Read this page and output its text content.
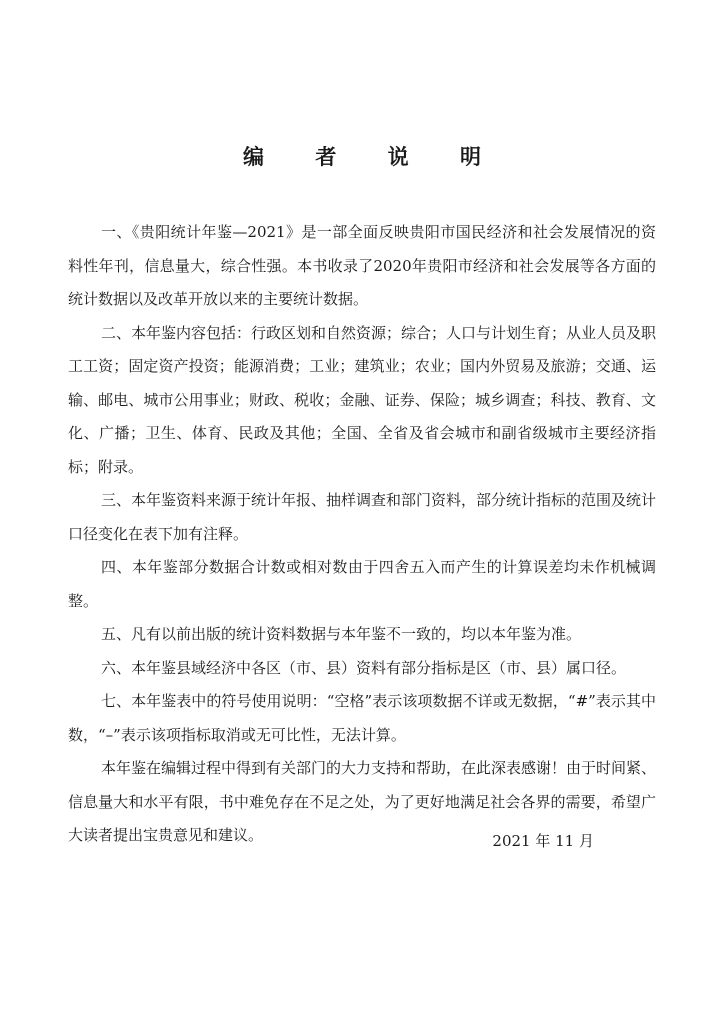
编 者 说 明

一、《贵阳统计年鉴—2021》是一部全面反映贵阳市国民经济和社会发展情况的资料性年刊，信息量大，综合性强。本书收录了2020年贵阳市经济和社会发展等各方面的统计数据以及改革开放以来的主要统计数据。

二、本年鉴内容包括：行政区划和自然资源；综合；人口与计划生育；从业人员及职工工资；固定资产投资；能源消费；工业；建筑业；农业；国内外贸易及旅游；交通、运输、邮电、城市公用事业；财政、税收；金融、证券、保险；城乡调查；科技、教育、文化、广播；卫生、体育、民政及其他；全国、全省及省会城市和副省级城市主要经济指标；附录。

三、本年鉴资料来源于统计年报、抽样调查和部门资料，部分统计指标的范围及统计口径变化在表下加有注释。

四、本年鉴部分数据合计数或相对数由于四舍五入而产生的计算误差均未作机械调整。

五、凡有以前出版的统计资料数据与本年鉴不一致的，均以本年鉴为准。

六、本年鉴县域经济中各区（市、县）资料有部分指标是区（市、县）属口径。

七、本年鉴表中的符号使用说明：“空格”表示该项数据不详或无数据，“#”表示其中数，“–”表示该项指标取消或无可比性，无法计算。

本年鉴在编辑过程中得到有关部门的大力支持和帮助，在此深表感谢！由于时间紧、信息量大和水平有限，书中难免存在不足之处，为了更好地满足社会各界的需要，希望广大读者提出宝贵意见和建议。	2021 年 11 月
